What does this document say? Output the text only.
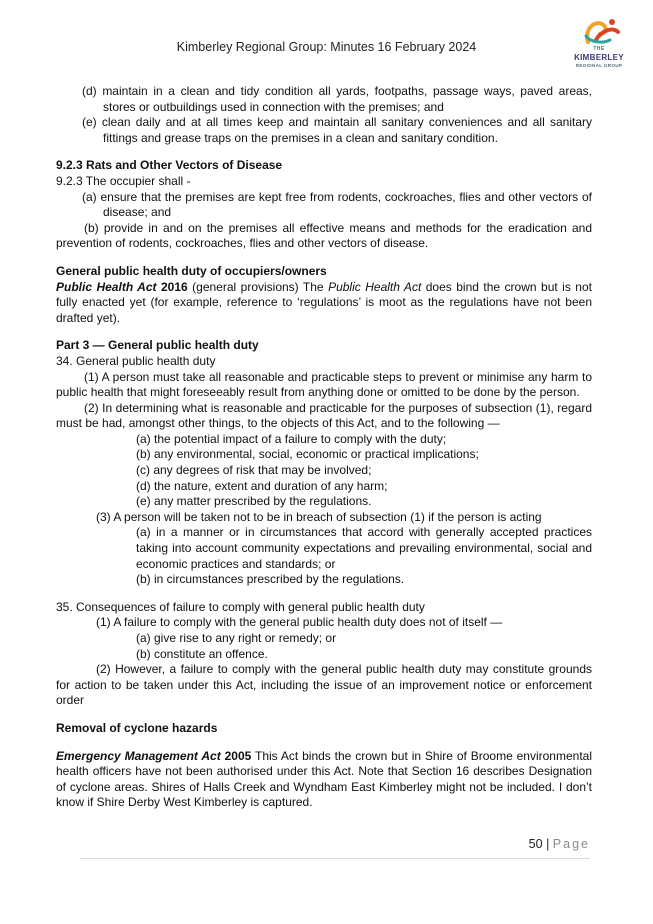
Kimberley Regional Group: Minutes 16 February 2024	THE
KIMBERLEY
REGIONAL GROUP

(d) maintain in a clean and tidy condition all yards, footpaths, passage ways, paved areas, stores or outbuildings used in connection with the premises; and

(e) clean daily and at all times keep and maintain all sanitary conveniences and all sanitary fittings and grease traps on the premises in a clean and sanitary condition.

9.2.3 Rats and Other Vectors of Disease

9.2.3 The occupier shall -

(a) ensure that the premises are kept free from rodents, cockroaches, flies and other vectors of disease; and

(b) provide in and on the premises all effective means and methods for the eradication and prevention of rodents, cockroaches, flies and other vectors of disease.

General public health duty of occupiers/owners

Public Health Act 2016 (general provisions) The Public Health Act does bind the crown but is not fully enacted yet (for example, reference to ‘regulations’ is moot as the regulations have not been drafted yet).

Part 3 — General public health duty

34. General public health duty

(1) A person must take all reasonable and practicable steps to prevent or minimise any harm to public health that might foreseeably result from anything done or omitted to be done by the person.

(2) In determining what is reasonable and practicable for the purposes of subsection (1), regard must be had, amongst other things, to the objects of this Act, and to the following —

(a) the potential impact of a failure to comply with the duty;

(b) any environmental, social, economic or practical implications;

(c) any degrees of risk that may be involved;

(d) the nature, extent and duration of any harm;

(e) any matter prescribed by the regulations.

(3) A person will be taken not to be in breach of subsection (1) if the person is acting

(a) in a manner or in circumstances that accord with generally accepted practices taking into account community expectations and prevailing environmental, social and economic practices and standards; or

(b) in circumstances prescribed by the regulations.

35. Consequences of failure to comply with general public health duty

(1) A failure to comply with the general public health duty does not of itself —

(a) give rise to any right or remedy; or

(b) constitute an offence.

(2) However, a failure to comply with the general public health duty may constitute grounds for action to be taken under this Act, including the issue of an improvement notice or enforcement order

Removal of cyclone hazards

Emergency Management Act 2005 This Act binds the crown but in Shire of Broome environmental health officers have not been authorised under this Act. Note that Section 16 describes Designation of cyclone areas. Shires of Halls Creek and Wyndham East Kimberley might not be included. I don’t know if Shire Derby West Kimberley is captured.

50 | Page
